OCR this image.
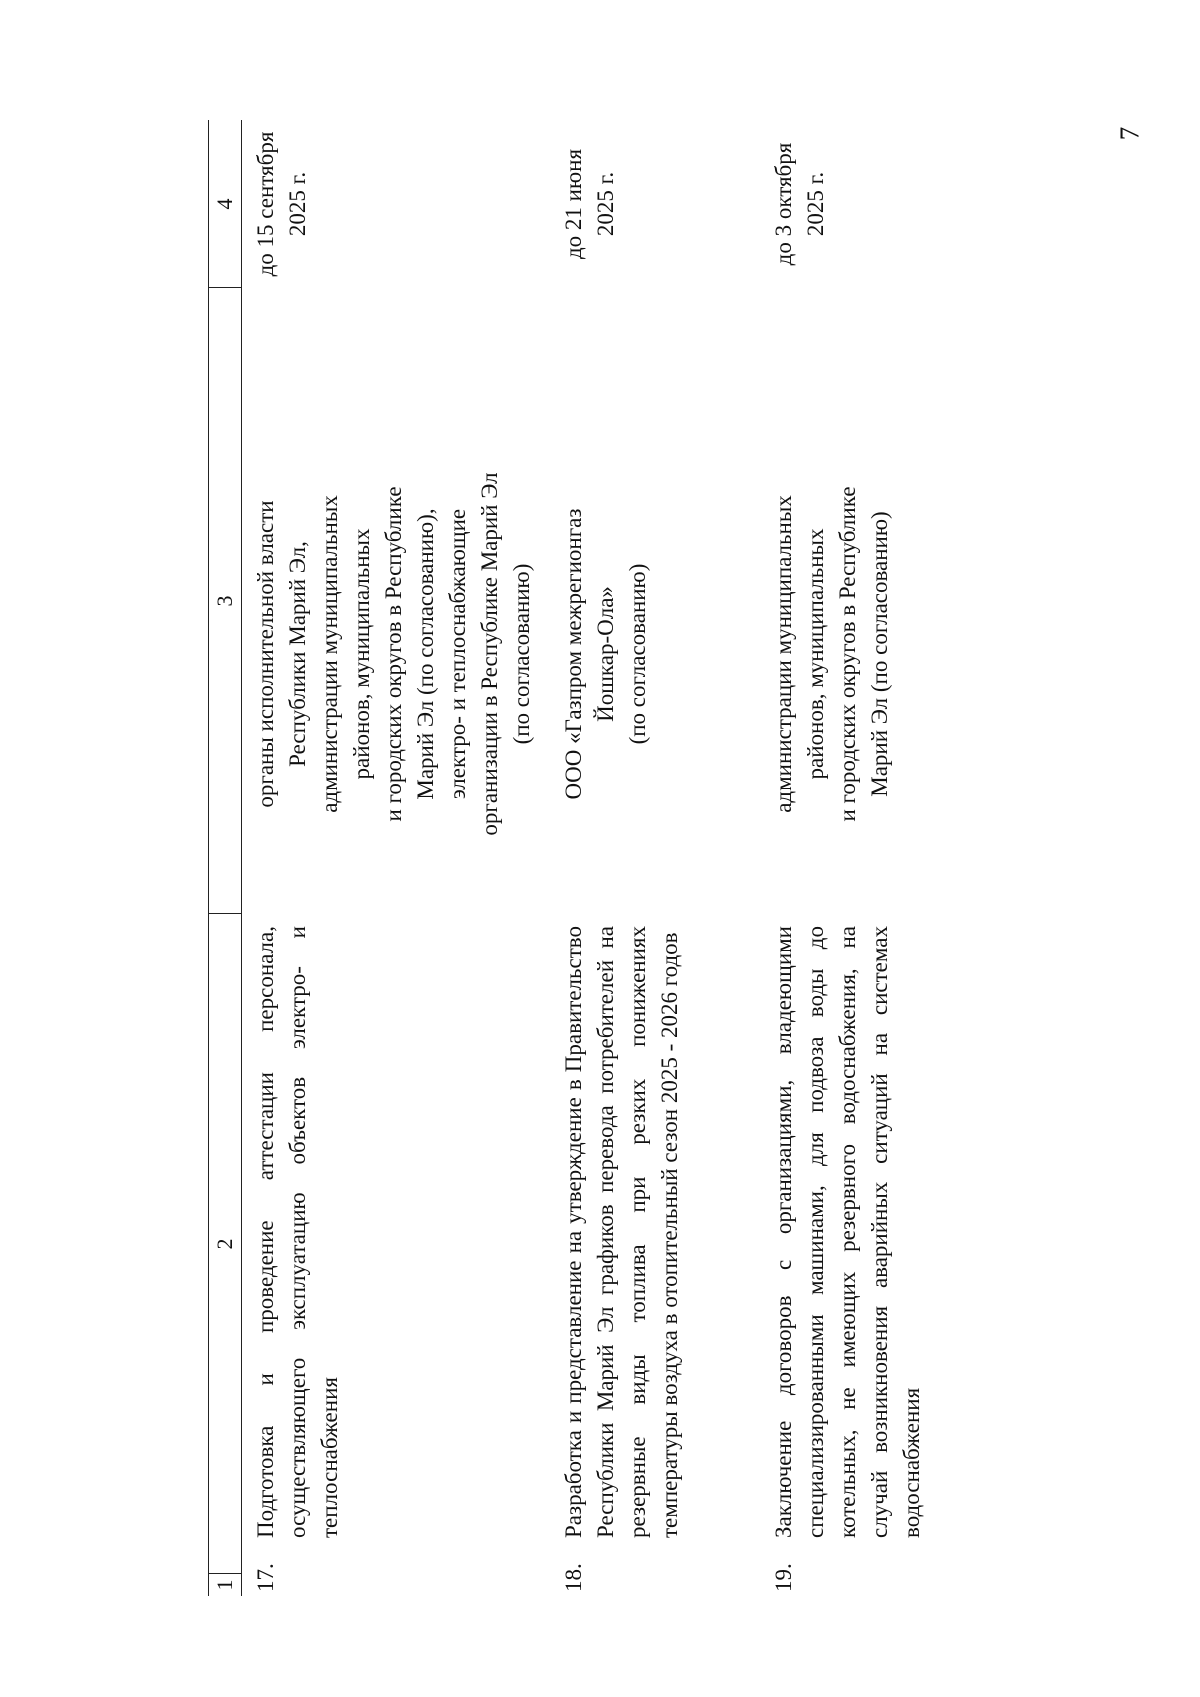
7
1
2
3
4
17.
Подготовка и проведение аттестации персонала, осуществляющего эксплуатацию объектов электро- и теплоснабжения
органы исполнительной власти Республики Марий Эл, администрации муниципальных районов, муниципальных и городских округов в Республике Марий Эл (по согласованию), электро- и теплоснабжающие организации в Республике Марий Эл (по согласованию)
до 15 сентября 2025 г.
18.
Разработка и представление на утверждение в Правительство Республики Марий Эл графиков перевода потребителей на резервные виды топлива при резких понижениях температуры воздуха в отопительный сезон 2025 - 2026 годов
ООО «Газпром межрегионгаз Йошкар-Ола» (по согласованию)
до 21 июня 2025 г.
19.
Заключение договоров с организациями, владеющими специализированными машинами, для подвоза воды до котельных, не имеющих резервного водоснабжения, на случай возникновения аварийных ситуаций на системах водоснабжения
администрации муниципальных районов, муниципальных и городских округов в Республике Марий Эл (по согласованию)
до 3 октября 2025 г.
